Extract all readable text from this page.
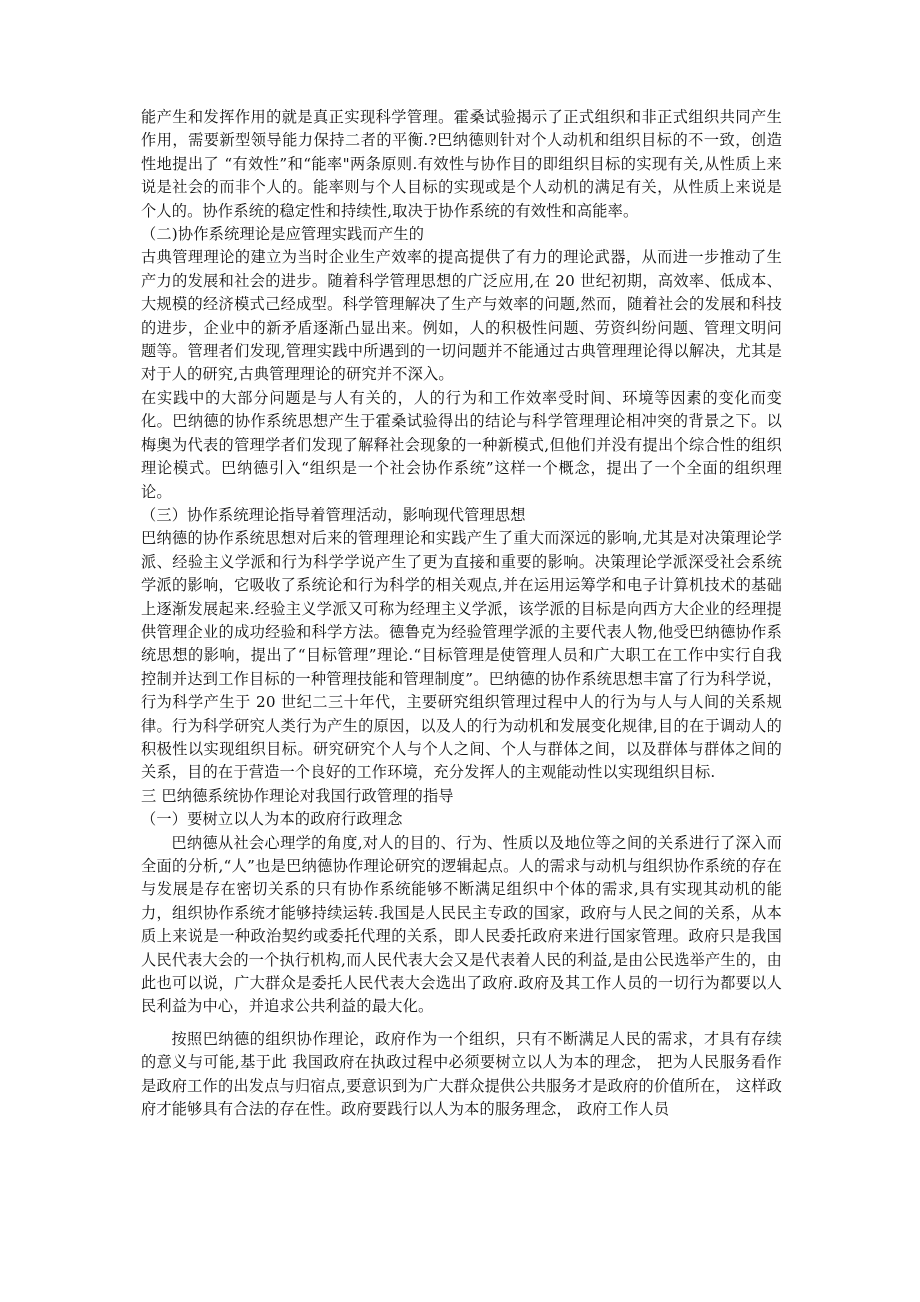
能产生和发挥作用的就是真正实现科学管理。霍桑试验揭示了正式组织和非正式组织共同产生作用，需要新型领导能力保持二者的平衡.?巴纳德则针对个人动机和组织目标的不一致，创造性地提出了 “有效性”和“能率"两条原则.有效性与协作目的即组织目标的实现有关,从性质上来说是社会的而非个人的。能率则与个人目标的实现或是个人动机的满足有关，从性质上来说是个人的。协作系统的稳定性和持续性,取决于协作系统的有效性和高能率。

（二)协作系统理论是应管理实践而产生的

古典管理理论的建立为当时企业生产效率的提高提供了有力的理论武器，从而进一步推动了生产力的发展和社会的进步。随着科学管理思想的广泛应用,在 20 世纪初期，高效率、低成本、大规模的经济模式己经成型。科学管理解决了生产与效率的问题,然而，随着社会的发展和科技的进步，企业中的新矛盾逐渐凸显出来。例如，人的积极性问题、劳资纠纷问题、管理文明问题等。管理者们发现,管理实践中所遇到的一切问题并不能通过古典管理理论得以解决，尤其是对于人的研究,古典管理理论的研究并不深入。

在实践中的大部分问题是与人有关的，人的行为和工作效率受时间、环境等因素的变化而变化。巴纳德的协作系统思想产生于霍桑试验得出的结论与科学管理理论相冲突的背景之下。以梅奥为代表的管理学者们发现了解释社会现象的一种新模式,但他们并没有提出个综合性的组织理论模式。巴纳德引入“组织是一个社会协作系统”这样一个概念，提出了一个全面的组织理论。

（三）协作系统理论指导着管理活动，影响现代管理思想

巴纳德的协作系统思想对后来的管理理论和实践产生了重大而深远的影响,尤其是对决策理论学派、经验主义学派和行为科学学说产生了更为直接和重要的影响。决策理论学派深受社会系统学派的影响，它吸收了系统论和行为科学的相关观点,并在运用运筹学和电子计算机技术的基础上逐渐发展起来.经验主义学派又可称为经理主义学派，该学派的目标是向西方大企业的经理提供管理企业的成功经验和科学方法。德鲁克为经验管理学派的主要代表人物,他受巴纳德协作系统思想的影响，提出了“目标管理”理论.“目标管理是使管理人员和广大职工在工作中实行自我控制并达到工作目标的一种管理技能和管理制度”。巴纳德的协作系统思想丰富了行为科学说，行为科学产生于 20 世纪二三十年代，主要研究组织管理过程中人的行为与人与人间的关系规律。行为科学研究人类行为产生的原因，以及人的行为动机和发展变化规律,目的在于调动人的积极性以实现组织目标。研究研究个人与个人之间、个人与群体之间，以及群体与群体之间的关系，目的在于营造一个良好的工作环境，充分发挥人的主观能动性以实现组织目标.

三 巴纳德系统协作理论对我国行政管理的指导

（一）要树立以人为本的政府行政理念

巴纳德从社会心理学的角度,对人的目的、行为、性质以及地位等之间的关系进行了深入而全面的分析,“人”也是巴纳德协作理论研究的逻辑起点。人的需求与动机与组织协作系统的存在与发展是存在密切关系的只有协作系统能够不断满足组织中个体的需求,具有实现其动机的能力，组织协作系统才能够持续运转.我国是人民民主专政的国家，政府与人民之间的关系，从本质上来说是一种政治契约或委托代理的关系，即人民委托政府来进行国家管理。政府只是我国人民代表大会的一个执行机构,而人民代表大会又是代表着人民的利益,是由公民选举产生的，由此也可以说，广大群众是委托人民代表大会选出了政府.政府及其工作人员的一切行为都要以人民利益为中心，并追求公共利益的最大化。

按照巴纳德的组织协作理论，政府作为一个组织，只有不断满足人民的需求，才具有存续的意义与可能,基于此 我国政府在执政过程中必须要树立以人为本的理念， 把为人民服务看作是政府工作的出发点与归宿点,要意识到为广大群众提供公共服务才是政府的价值所在， 这样政府才能够具有合法的存在性。政府要践行以人为本的服务理念， 政府工作人员
